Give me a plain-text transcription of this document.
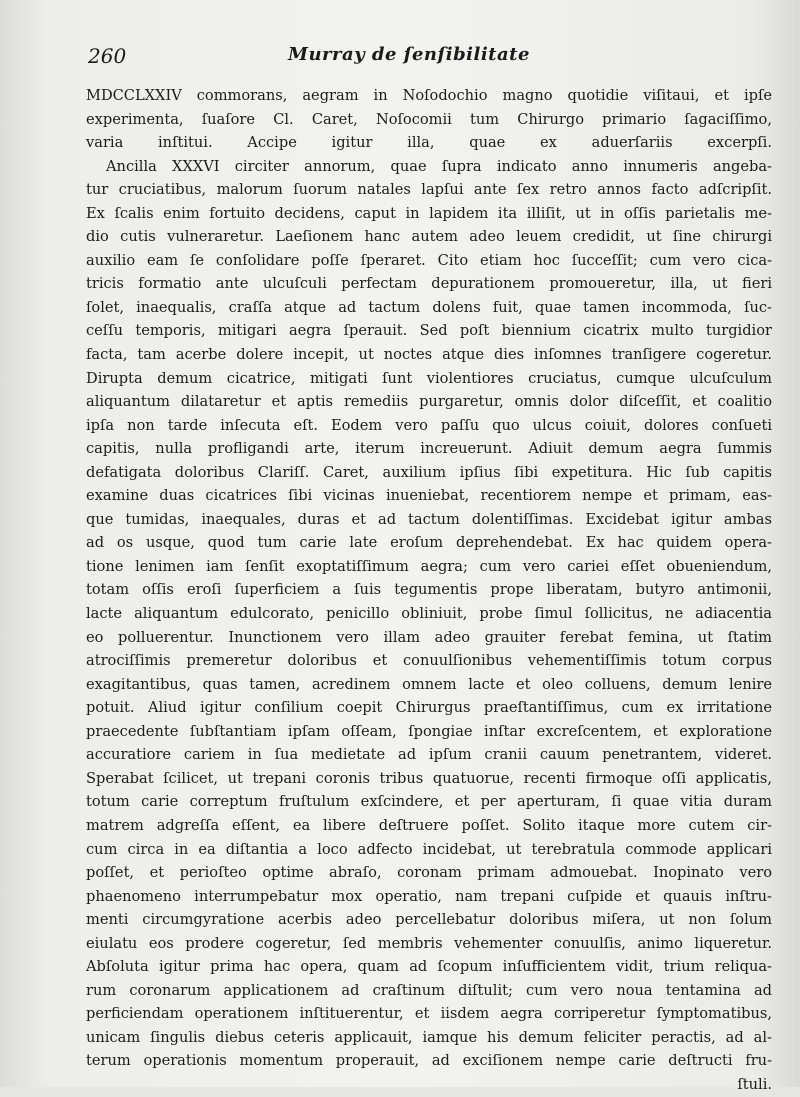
260	Murray de ſenſibilitate
MDCCLXXIV commorans, aegram in Noſodochio magno quotidie viſitaui, et ipſe
experimenta, ſuaſore Cl. Caret, Noſocomii tum Chirurgo primario ſagaciſſimo,
varia inſtitui. Accipe igitur illa, quae ex aduerſariis excerpſi.
Ancilla XXXVI circiter annorum, quae ſupra indicato anno innumeris angeba-
tur cruciatibus, malorum ſuorum natales lapſui ante ſex retro annos facto adſcripſit.
Ex ſcalis enim fortuito decidens, caput in lapidem ita illiſit, ut in oſſis parietalis me-
dio cutis vulneraretur. Laeſionem hanc autem adeo leuem credidit, ut ſine chirurgi
auxilio eam ſe conſolidare poſſe ſperaret. Cito etiam hoc ſucceſſit; cum vero cica-
tricis formatio ante ulcuſculi perfectam depurationem promoueretur, illa, ut fieri
ſolet, inaequalis, craſſa atque ad tactum dolens fuit, quae tamen incommoda, ſuc-
ceſſu temporis, mitigari aegra ſperauit. Sed poſt biennium cicatrix multo turgidior
facta, tam acerbe dolere incepit, ut noctes atque dies inſomnes tranſigere cogeretur.
Dirupta demum cicatrice, mitigati ſunt violentiores cruciatus, cumque ulcuſculum
aliquantum dilataretur et aptis remediis purgaretur, omnis dolor diſceſſit, et coalitio
ipſa non tarde inſecuta eſt. Eodem vero paſſu quo ulcus coiuit, dolores conſueti
capitis, nulla profligandi arte, iterum increuerunt. Adiuit demum aegra ſummis
defatigata doloribus Clariſſ. Caret, auxilium ipſius ſibi expetitura. Hic ſub capitis
examine duas cicatrices ſibi vicinas inueniebat, recentiorem nempe et primam, eas-
que tumidas, inaequales, duras et ad tactum dolentiſſimas. Excidebat igitur ambas
ad os usque, quod tum carie late eroſum deprehendebat. Ex hac quidem opera-
tione lenimen iam ſenſit exoptatiſſimum aegra; cum vero cariei eſſet obueniendum,
totam oſſis eroſi ſuperficiem a ſuis tegumentis prope liberatam, butyro antimonii,
lacte aliquantum edulcorato, penicillo obliniuit, probe ſimul ſollicitus, ne adiacentia
eo polluerentur. Inunctionem vero illam adeo grauiter ferebat femina, ut ſtatim
atrociſſimis premeretur doloribus et conuulſionibus vehementiſſimis totum corpus
exagitantibus, quas tamen, acredinem omnem lacte et oleo colluens, demum lenire
potuit. Aliud igitur conſilium coepit Chirurgus praeſtantiſſimus, cum ex irritatione
praecedente ſubſtantiam ipſam oſſeam, ſpongiae inſtar excreſcentem, et exploratione
accuratiore cariem in ſua medietate ad ipſum cranii cauum penetrantem, videret.
Sperabat ſcilicet, ut trepani coronis tribus quatuorue, recenti firmoque oſſi applicatis,
totum carie correptum fruſtulum exſcindere, et per aperturam, ſi quae vitia duram
matrem adgreſſa eſſent, ea libere deſtruere poſſet. Solito itaque more cutem cir-
cum circa in ea diſtantia a loco adfecto incidebat, ut terebratula commode applicari
poſſet, et perioſteo optime abraſo, coronam primam admouebat. Inopinato vero
phaenomeno interrumpebatur mox operatio, nam trepani cuſpide et quauis inſtru-
menti circumgyratione acerbis adeo percellebatur doloribus miſera, ut non ſolum
eiulatu eos prodere cogeretur, ſed membris vehementer conuulſis, animo liqueretur.
Abſoluta igitur prima hac opera, quam ad ſcopum inſufficientem vidit, trium reliqua-
rum coronarum applicationem ad craſtinum diſtulit; cum vero noua tentamina ad
perficiendam operationem inſtituerentur, et iisdem aegra corriperetur ſymptomatibus,
unicam ſingulis diebus ceteris applicauit, iamque his demum feliciter peractis, ad al-
terum operationis momentum properauit, ad exciſionem nempe carie deſtructi fru-
ſtuli.
